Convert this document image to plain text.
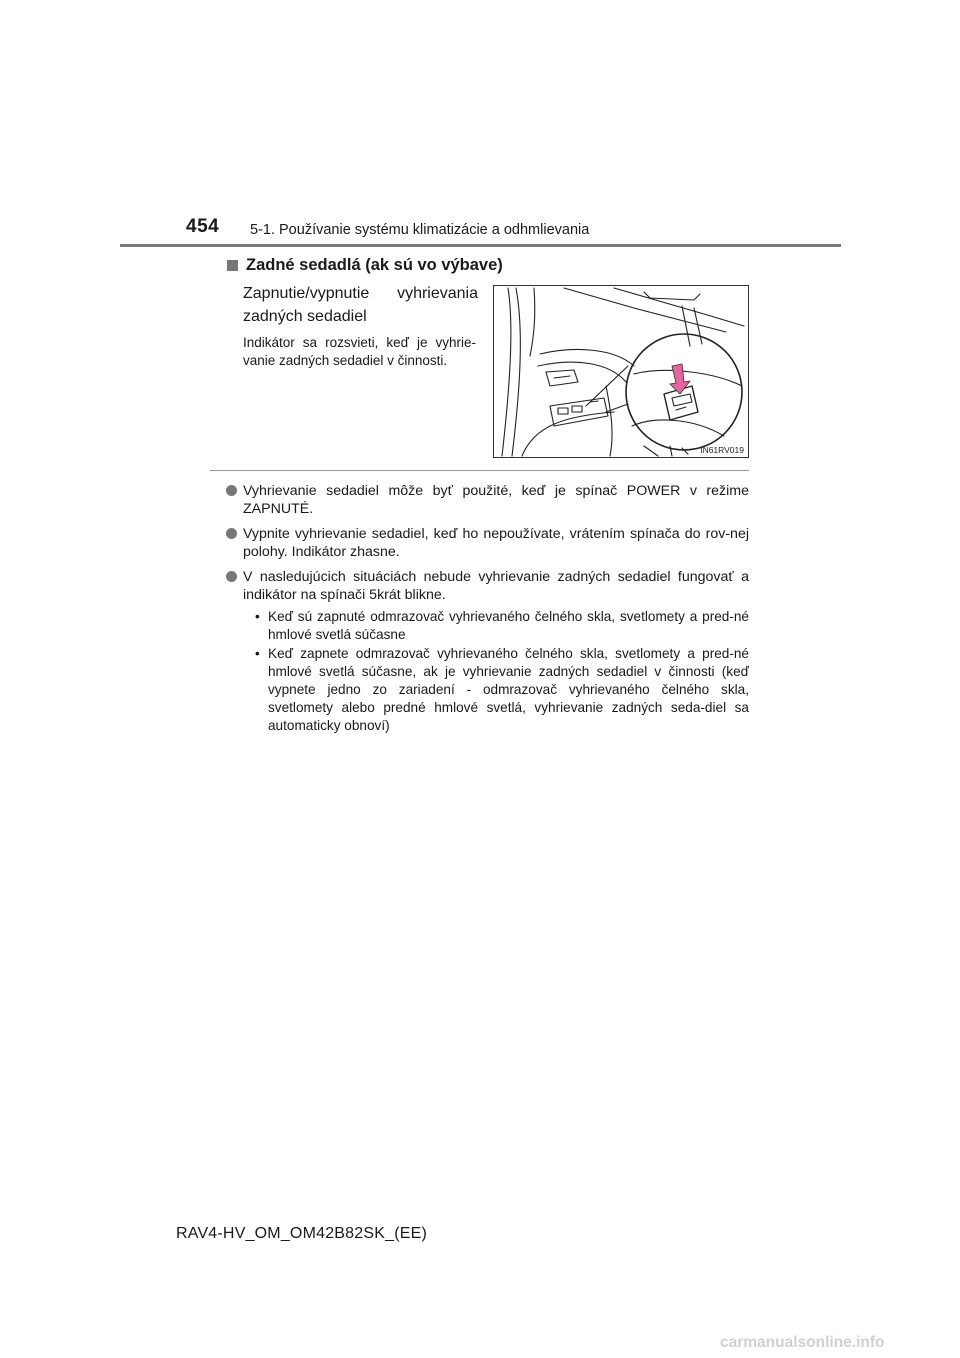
454 5-1. Používanie systému klimatizácie a odhmlievania
Zadné sedadlá (ak sú vo výbave)
Zapnutie/vypnutie vyhrievania zadných sedadiel
Indikátor sa rozsvieti, keď je vyhrie-vanie zadných sedadiel v činnosti.
IN61RV019
Vyhrievanie sedadiel môže byť použité, keď je spínač POWER v režime ZAPNUTÉ.
Vypnite vyhrievanie sedadiel, keď ho nepoužívate, vrátením spínača do rov-nej polohy. Indikátor zhasne.
V nasledujúcich situáciách nebude vyhrievanie zadných sedadiel fungovať a indikátor na spínači 5krát blikne.
• Keď sú zapnuté odmrazovač vyhrievaného čelného skla, svetlomety a pred-né hmlové svetlá súčasne
• Keď zapnete odmrazovač vyhrievaného čelného skla, svetlomety a pred-né hmlové svetlá súčasne, ak je vyhrievanie zadných sedadiel v činnosti (keď vypnete jedno zo zariadení - odmrazovač vyhrievaného čelného skla, svetlomety alebo predné hmlové svetlá, vyhrievanie zadných seda-diel sa automaticky obnoví)
RAV4-HV_OM_OM42B82SK_(EE)
carmanualsonline.info
